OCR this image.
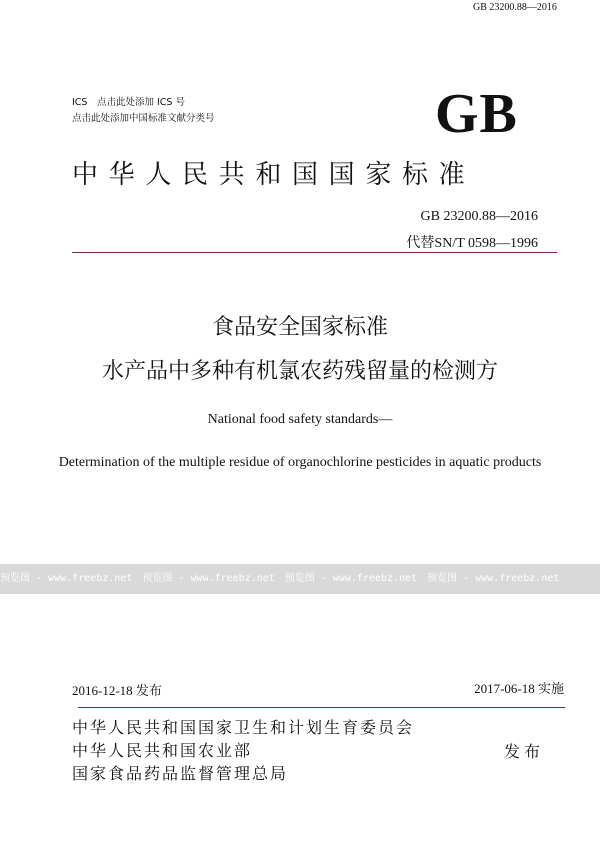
GB 23200.88—2016
ICS　点击此处添加 ICS 号
点击此处添加中国标准文献分类号	GB
中 华 人 民 共 和 国 国 家 标 准
GB 23200.88—2016
代替SN/T 0598—1996
食品安全国家标准
水产品中多种有机氯农药残留量的检测方
National food safety standards—
Determination of the multiple residue of organochlorine pesticides in aquatic products
预览图 - www.freebz.net　预览图 - www.freebz.net　预览图 - www.freebz.net　预览图 - www.freebz.net
2016-12-18 发布	2017-06-18 实施
中华人民共和国国家卫生和计划生育委员会
中华人民共和国农业部
国家食品药品监督管理总局
发布
